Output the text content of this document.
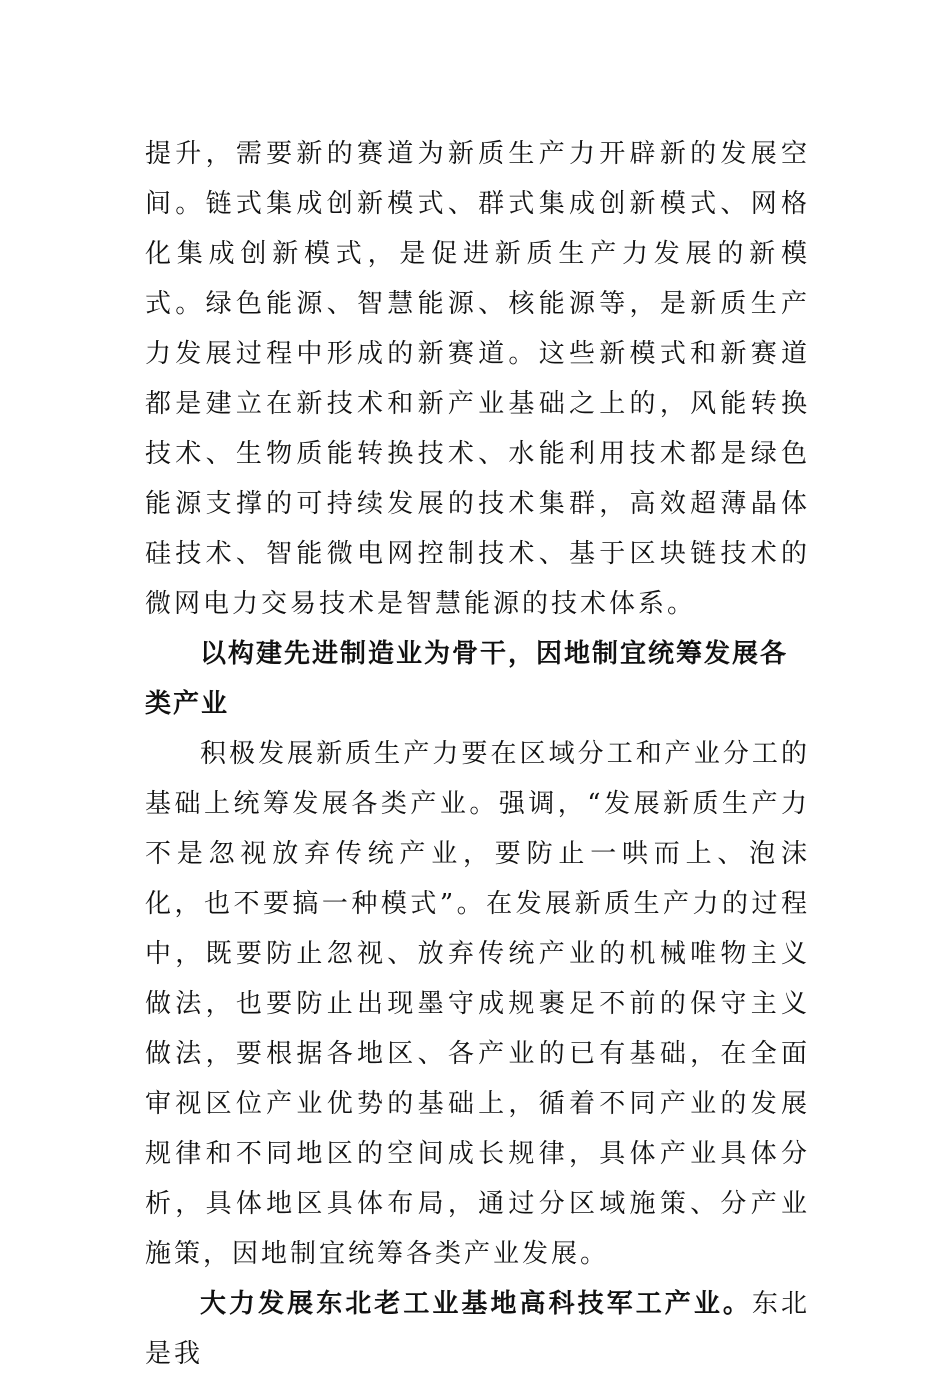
提升，需要新的赛道为新质生产力开辟新的发展空间。链式集成创新模式、群式集成创新模式、网格化集成创新模式，是促进新质生产力发展的新模式。绿色能源、智慧能源、核能源等，是新质生产力发展过程中形成的新赛道。这些新模式和新赛道都是建立在新技术和新产业基础之上的，风能转换技术、生物质能转换技术、水能利用技术都是绿色能源支撑的可持续发展的技术集群，高效超薄晶体硅技术、智能微电网控制技术、基于区块链技术的微网电力交易技术是智慧能源的技术体系。

以构建先进制造业为骨干，因地制宜统筹发展各类产业

积极发展新质生产力要在区域分工和产业分工的基础上统筹发展各类产业。强调，“发展新质生产力不是忽视放弃传统产业，要防止一哄而上、泡沫化，也不要搞一种模式”。在发展新质生产力的过程中，既要防止忽视、放弃传统产业的机械唯物主义做法，也要防止出现墨守成规裹足不前的保守主义做法，要根据各地区、各产业的已有基础，在全面审视区位产业优势的基础上，循着不同产业的发展规律和不同地区的空间成长规律，具体产业具体分析，具体地区具体布局，通过分区域施策、分产业施策，因地制宜统筹各类产业发展。

大力发展东北老工业基地高科技军工产业。东北是我
